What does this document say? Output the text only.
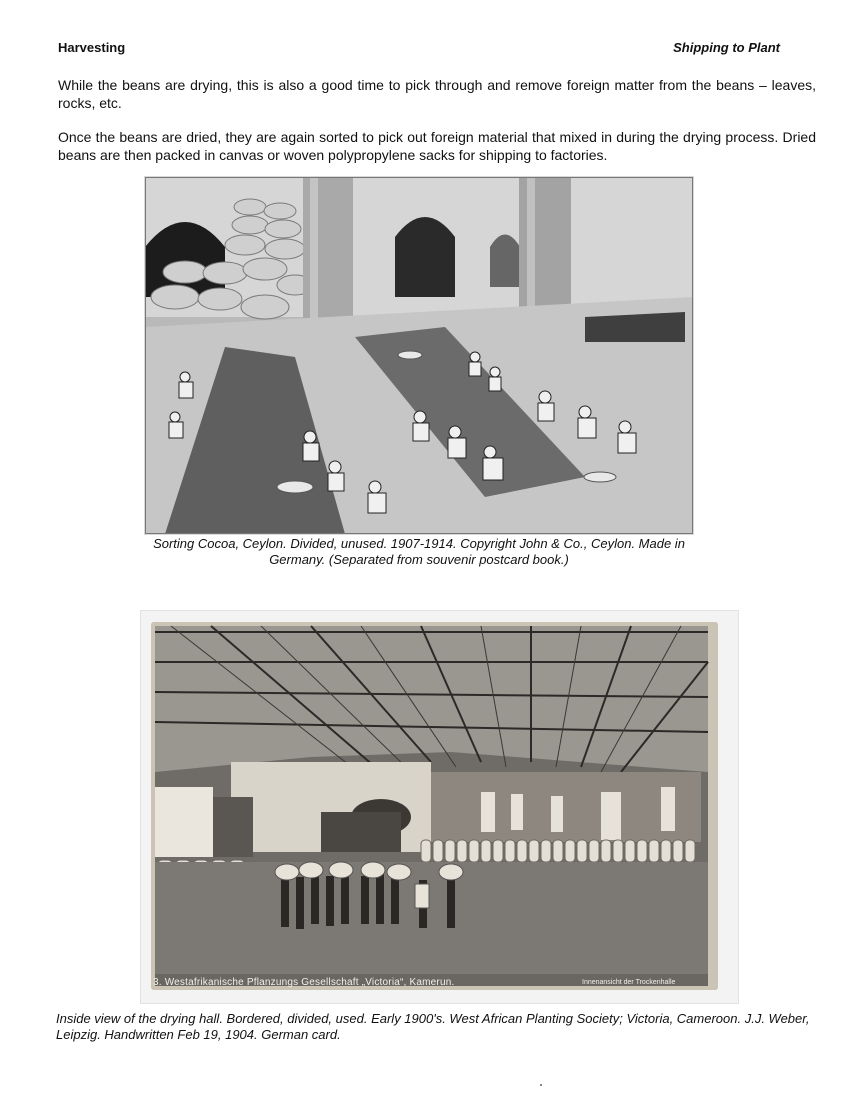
Harvesting	Shipping to Plant
While the beans are drying, this is also a good time to pick through and remove foreign matter from the beans – leaves, rocks, etc.
Once the beans are dried, they are again sorted to pick out foreign material that mixed in during the drying process. Dried beans are then packed in canvas or woven polypropylene sacks for shipping to factories.
Sorting Cocoa, Ceylon. Divided, unused. 1907-1914. Copyright John & Co., Ceylon. Made in Germany. (Separated from souvenir postcard book.)
3. Westafrikanische Pflanzungs Gesellschaft „Victoria“, Kamerun.	Innenansicht der Trockenhalle
Inside view of the drying hall. Bordered, divided, used. Early 1900's. West African Planting Society; Victoria, Cameroon. J.J. Weber, Leipzig. Handwritten Feb 19, 1904. German card.
